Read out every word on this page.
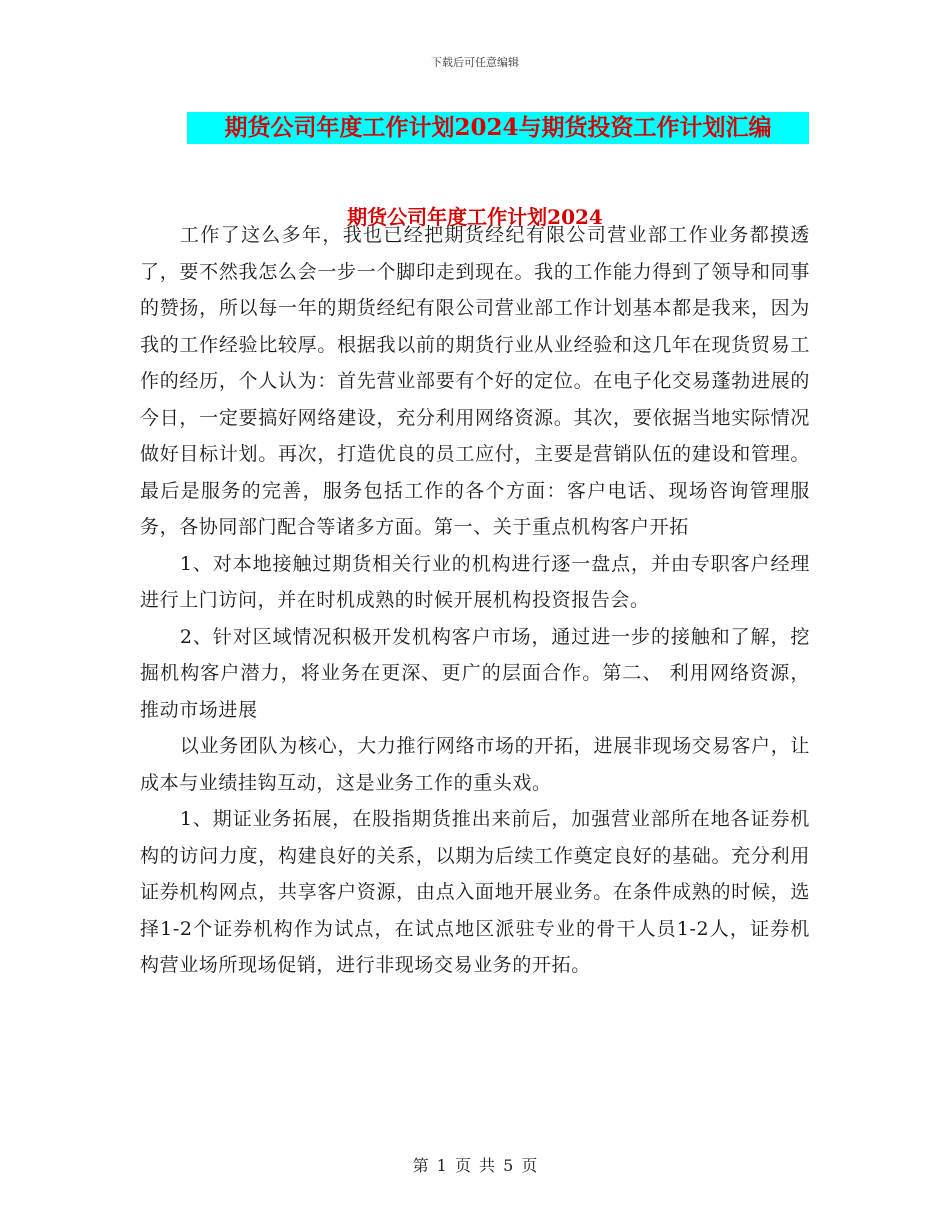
下载后可任意编辑
期货公司年度工作计划2024与期货投资工作计划汇编
期货公司年度工作计划2024

工作了这么多年，我也已经把期货经纪有限公司营业部工作业务都摸透了，要不然我怎么会一步一个脚印走到现在。我的工作能力得到了领导和同事的赞扬，所以每一年的期货经纪有限公司营业部工作计划基本都是我来，因为我的工作经验比较厚。根据我以前的期货行业从业经验和这几年在现货贸易工作的经历，个人认为：首先营业部要有个好的定位。在电子化交易蓬勃进展的今日，一定要搞好网络建设，充分利用网络资源。其次，要依据当地实际情况做好目标计划。再次，打造优良的员工应付，主要是营销队伍的建设和管理。最后是服务的完善，服务包括工作的各个方面：客户电话、现场咨询管理服务，各协同部门配合等诸多方面。第一、关于重点机构客户开拓

1、对本地接触过期货相关行业的机构进行逐一盘点，并由专职客户经理进行上门访问，并在时机成熟的时候开展机构投资报告会。

2、针对区域情况积极开发机构客户市场，通过进一步的接触和了解，挖掘机构客户潜力，将业务在更深、更广的层面合作。第二、 利用网络资源，推动市场进展

以业务团队为核心，大力推行网络市场的开拓，进展非现场交易客户，让成本与业绩挂钩互动，这是业务工作的重头戏。

1、期证业务拓展，在股指期货推出来前后，加强营业部所在地各证券机构的访问力度，构建良好的关系，以期为后续工作奠定良好的基础。充分利用证券机构网点，共享客户资源，由点入面地开展业务。在条件成熟的时候，选择1-2个证券机构作为试点，在试点地区派驻专业的骨干人员1-2人，证券机构营业场所现场促销，进行非现场交易业务的开拓。

第 1 页 共 5 页
